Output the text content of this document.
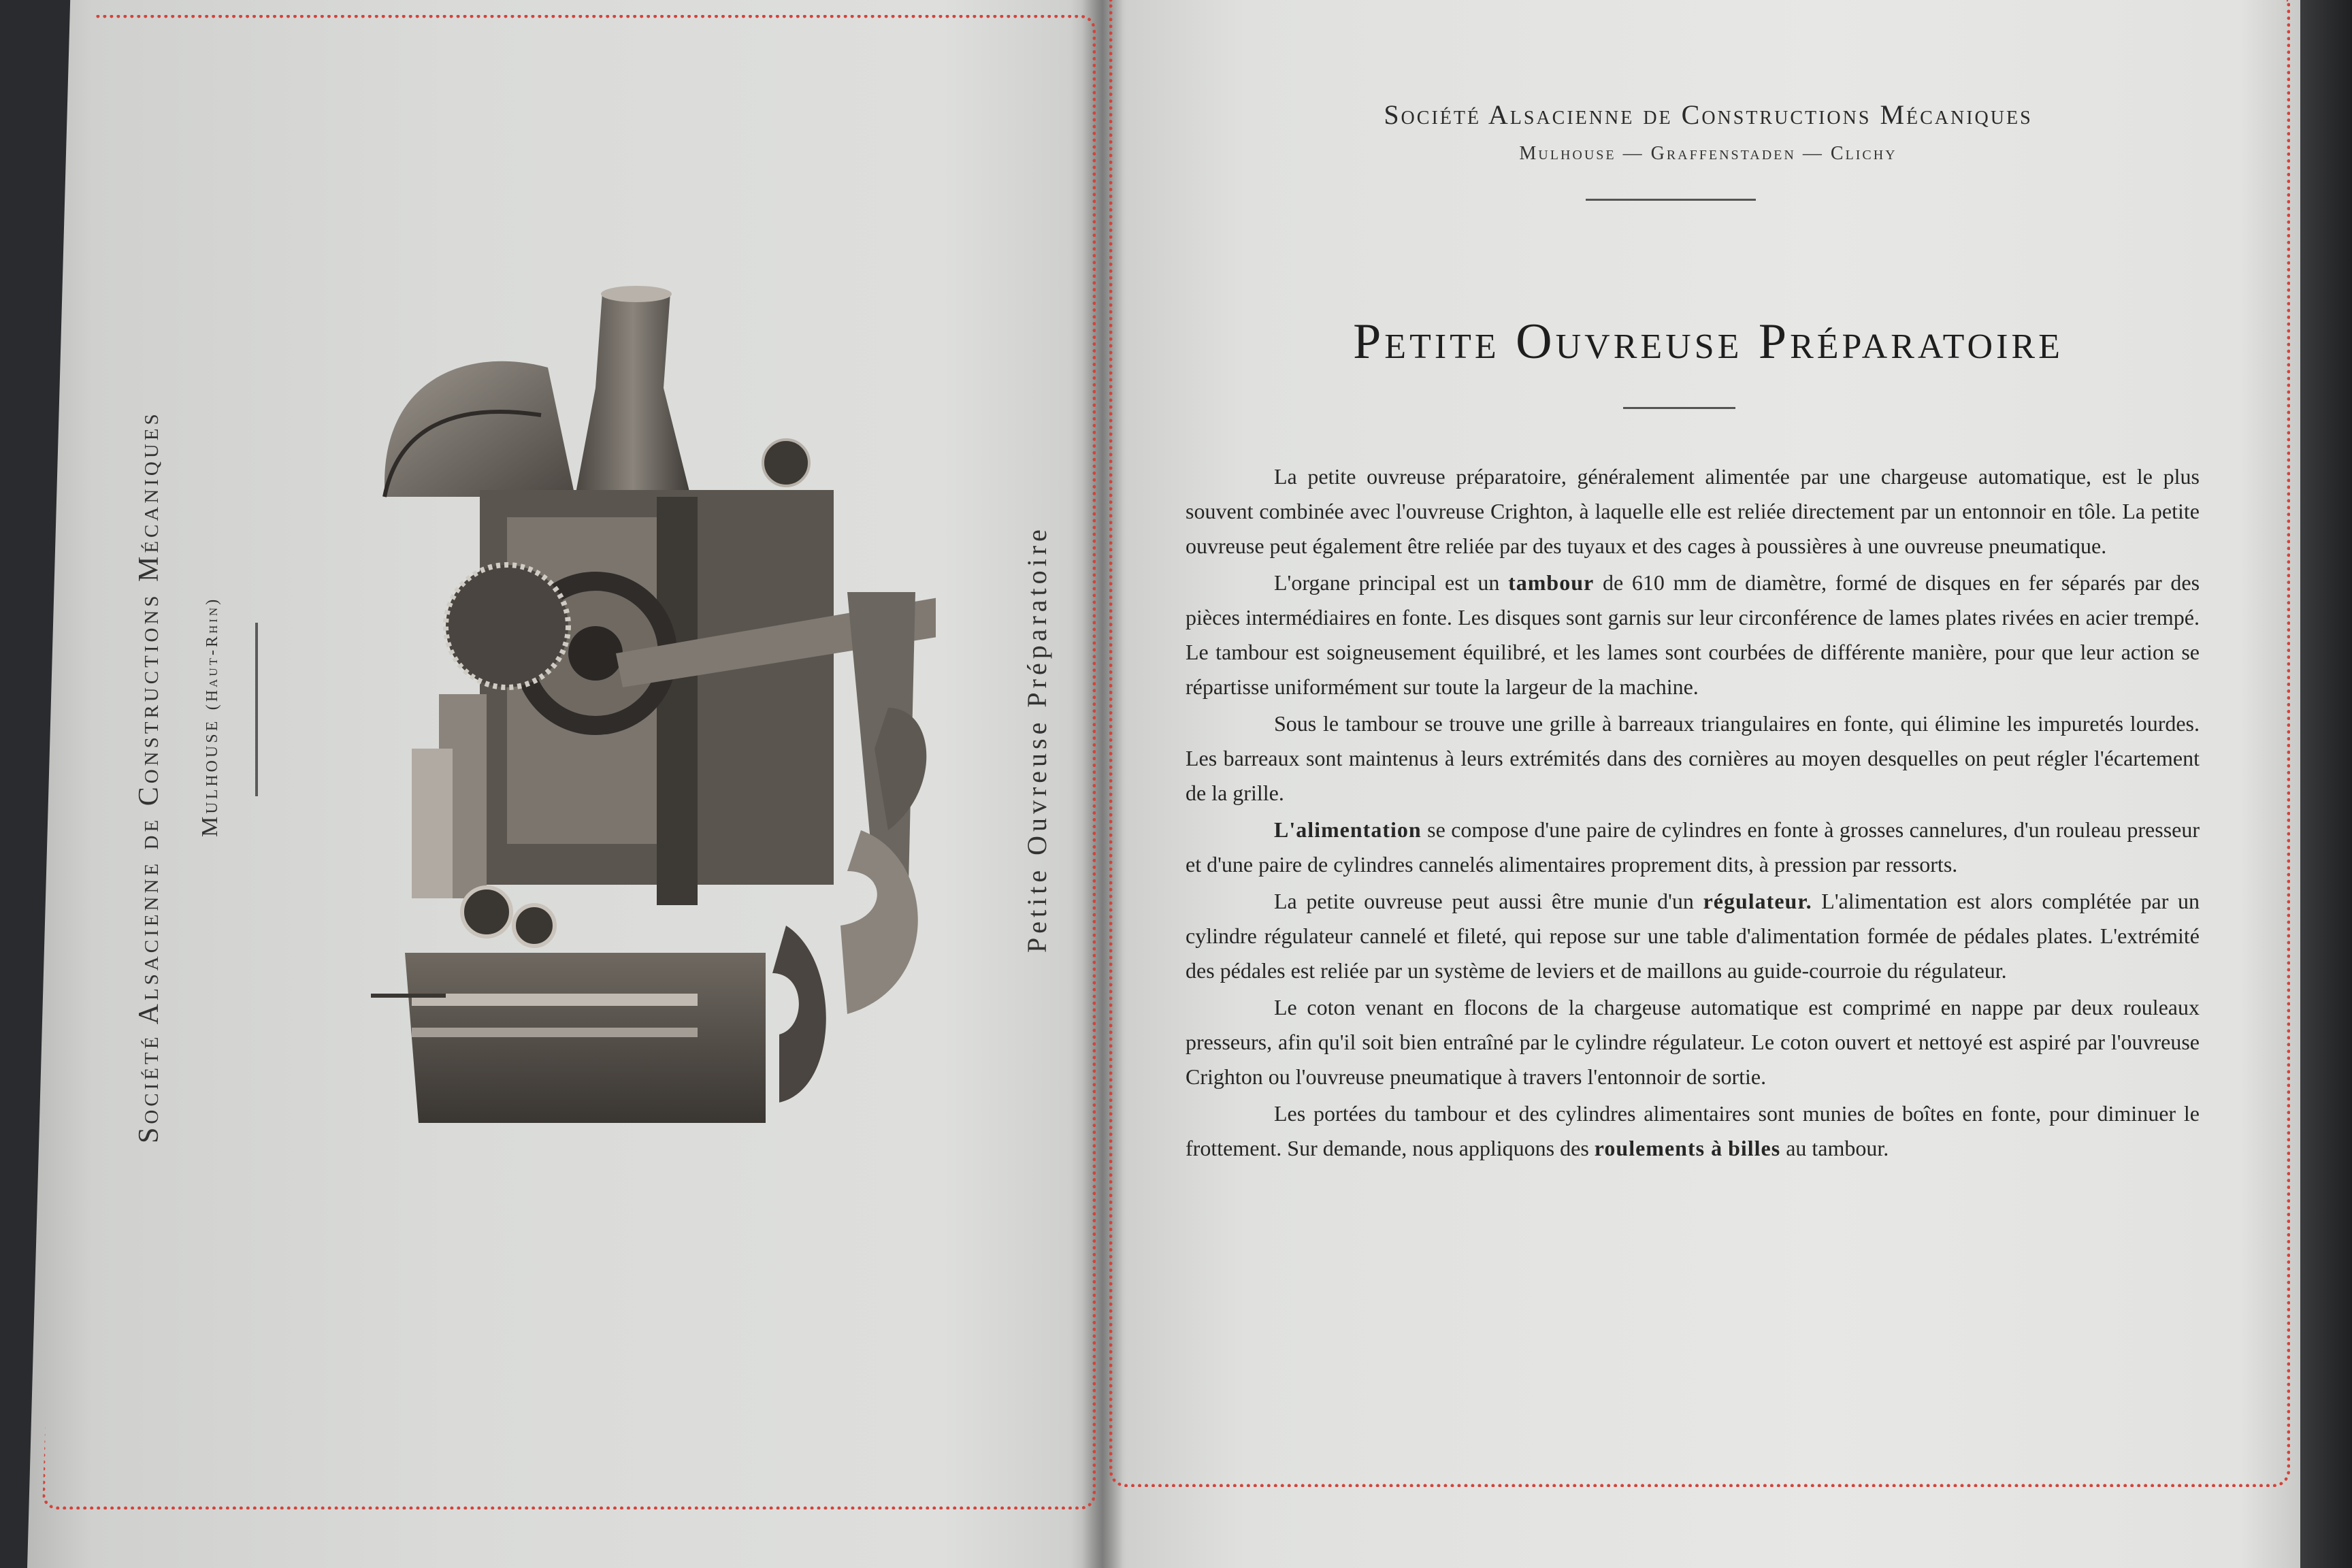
Société Alsacienne de Constructions Mécaniques Mulhouse (Haut-Rhin)	Petite Ouvreuse Préparatoire
Société Alsacienne de Constructions Mécaniques
Mulhouse — Graffenstaden — Clichy
Petite Ouvreuse Préparatoire

La petite ouvreuse préparatoire, généralement alimentée par une chargeuse automatique, est le plus souvent combinée avec l'ouvreuse Crighton, à laquelle elle est reliée directement par un entonnoir en tôle. La petite ouvreuse peut également être reliée par des tuyaux et des cages à poussières à une ouvreuse pneumatique.

L'organe principal est un tambour de 610 mm de diamètre, formé de disques en fer séparés par des pièces intermédiaires en fonte. Les disques sont garnis sur leur circonférence de lames plates rivées en acier trempé. Le tambour est soigneusement équilibré, et les lames sont courbées de différente manière, pour que leur action se répartisse uniformément sur toute la largeur de la machine.

Sous le tambour se trouve une grille à barreaux triangulaires en fonte, qui élimine les impuretés lourdes. Les barreaux sont maintenus à leurs extrémités dans des cornières au moyen desquelles on peut régler l'écartement de la grille.

L'alimentation se compose d'une paire de cylindres en fonte à grosses cannelures, d'un rouleau presseur et d'une paire de cylindres cannelés alimentaires proprement dits, à pression par ressorts.

La petite ouvreuse peut aussi être munie d'un régulateur. L'alimentation est alors complétée par un cylindre régulateur cannelé et fileté, qui repose sur une table d'alimentation formée de pédales plates. L'extrémité des pédales est reliée par un système de leviers et de maillons au guide-courroie du régulateur.

Le coton venant en flocons de la chargeuse automatique est comprimé en nappe par deux rouleaux presseurs, afin qu'il soit bien entraîné par le cylindre régulateur. Le coton ouvert et nettoyé est aspiré par l'ouvreuse Crighton ou l'ouvreuse pneumatique à travers l'entonnoir de sortie.

Les portées du tambour et des cylindres alimentaires sont munies de boîtes en fonte, pour diminuer le frottement. Sur demande, nous appliquons des roulements à billes au tambour.
